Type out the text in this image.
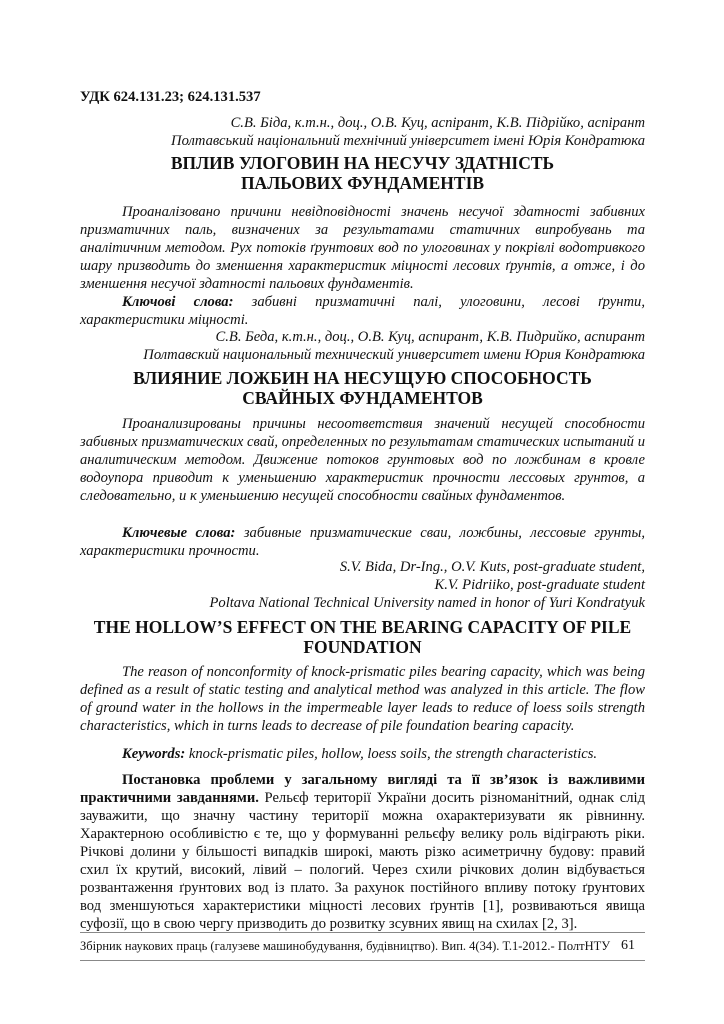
УДК 624.131.23; 624.131.537
С.В. Біда, к.т.н., доц., О.В. Куц, аспірант, К.В. Підрійко, аспірант
Полтавський національний технічний університет імені Юрія Кондратюка
ВПЛИВ УЛОГОВИН НА НЕСУЧУ ЗДАТНІСТЬ
ПАЛЬОВИХ ФУНДАМЕНТІВ
Проаналізовано причини невідповідності значень несучої здатності забивних призматичних паль, визначених за результатами статичних випробувань та аналітичним методом. Рух потоків ґрунтових вод по улоговинах у покрівлі водотривкого шару призводить до зменшення характеристик міцності лесових ґрунтів, а отже, і до зменшення несучої здатності пальових фундаментів.
Ключові слова: забивні призматичні палі, улоговини, лесові ґрунти, характеристики міцності.
С.В. Беда, к.т.н., доц., О.В. Куц, аспирант, К.В. Пидрийко, аспирант
Полтавский национальный технический университет имени Юрия Кондратюка
ВЛИЯНИЕ ЛОЖБИН НА НЕСУЩУЮ СПОСОБНОСТЬ
СВАЙНЫХ ФУНДАМЕНТОВ
Проанализированы причины несоответствия значений несущей способности забивных призматических свай, определенных по результатам статических испытаний и аналитическим методом. Движение потоков грунтовых вод по ложбинам в кровле водоупора приводит к уменьшению характеристик прочности лессовых грунтов, а следовательно, и к уменьшению несущей способности свайных фундаментов.
Ключевые слова: забивные призматические сваи, ложбины, лессовые грунты, характеристики прочности.
S.V. Bida, Dr-Ing., O.V. Kuts, post-graduate student,
K.V. Pidriiko, post-graduate student
Poltava National Technical University named in honor of Yuri Kondratyuk
THE HOLLOW’S EFFECT ON THE BEARING CAPACITY OF PILE
FOUNDATION
The reason of nonconformity of knock-prismatic piles bearing capacity, which was being defined as a result of static testing and analytical method was analyzed in this article. The flow of ground water in the hollows in the impermeable layer leads to reduce of loess soils strength characteristics, which in turns leads to decrease of pile foundation bearing capacity.
Keywords: knock-prismatic piles, hollow, loess soils, the strength characteristics.
Постановка проблеми у загальному вигляді та її зв’язок із важливими практичними завданнями. Рельєф території України досить різноманітний, однак слід зауважити, що значну частину території можна охарактеризувати як рівнинну. Характерною особливістю є те, що у формуванні рельєфу велику роль відіграють ріки. Річкові долини у більшості випадків широкі, мають різко асиметричну будову: правий схил їх крутий, високий, лівий – пологий. Через схили річкових долин відбувається розвантаження ґрунтових вод із плато. За рахунок постійного впливу потоку ґрунтових вод зменшуються характеристики міцності лесових ґрунтів [1], розвиваються явища суфозії, що в свою чергу призводить до розвитку зсувних явищ на схилах [2, 3].
Збірник наукових праць (галузеве машинобудування, будівництво). Вип. 4(34). Т.1-2012.- ПолтНТУ 61
